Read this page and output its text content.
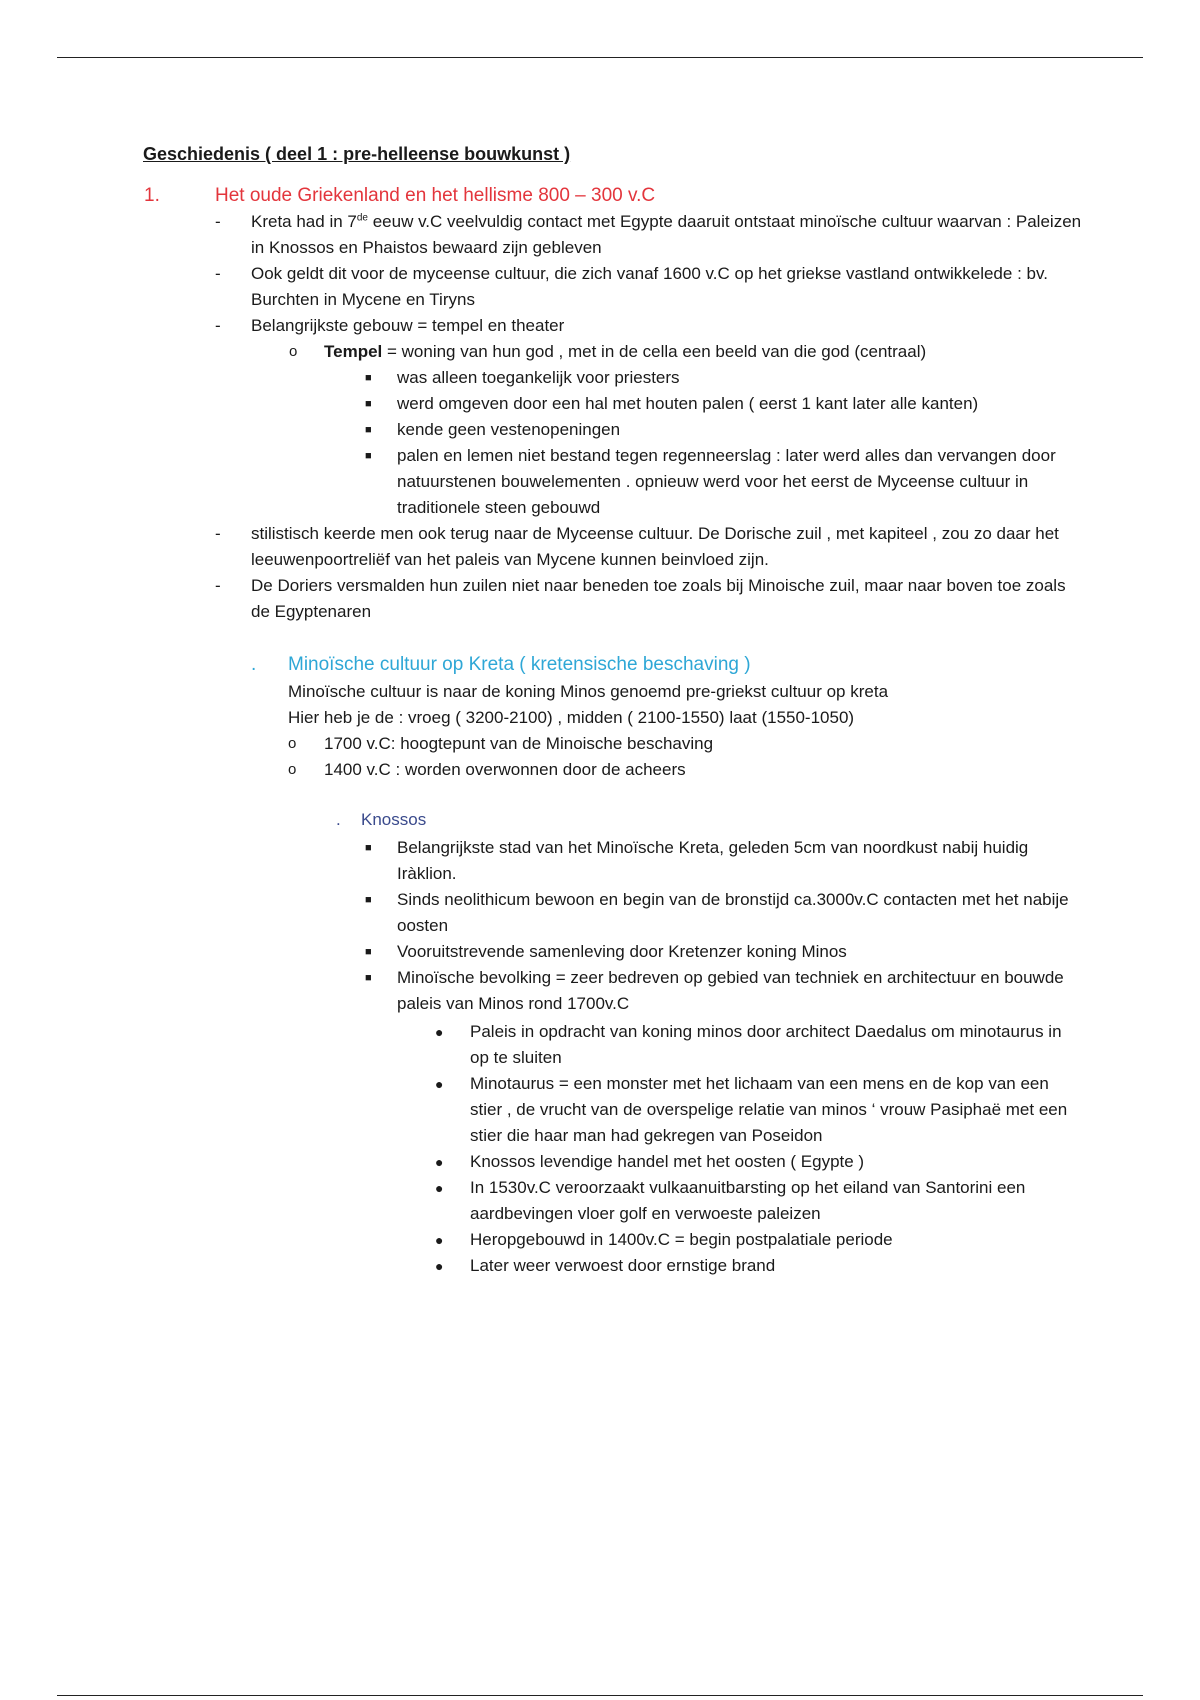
Geschiedenis ( deel 1 : pre-helleense bouwkunst )
1.	Het oude Griekenland en het hellisme 800 – 300 v.C
- Kreta had in 7de eeuw v.C veelvuldig contact met Egypte daaruit ontstaat minoïsche cultuur waarvan : Paleizen in Knossos en Phaistos bewaard zijn gebleven
- Ook geldt dit voor de myceense cultuur, die zich vanaf 1600 v.C op het griekse vastland ontwikkelede : bv. Burchten in Mycene en Tiryns
- Belangrijkste gebouw = tempel en theater
o Tempel = woning van hun god , met in de cella een beeld van die god (centraal)
■ was alleen toegankelijk voor priesters
■ werd omgeven door een hal met houten palen ( eerst 1 kant later alle kanten)
■ kende geen vestenopeningen
■ palen en lemen niet bestand tegen regenneerslag : later werd alles dan vervangen door natuurstenen bouwelementen . opnieuw werd voor het eerst de Myceense cultuur in traditionele steen gebouwd
- stilistisch keerde men ook terug naar de Myceense cultuur. De Dorische zuil , met kapiteel , zou zo daar het leeuwenpoortreliëf van het paleis van Mycene kunnen beinvloed zijn.
- De Doriers versmalden hun zuilen niet naar beneden toe zoals bij Minoische zuil, maar naar boven toe zoals de Egyptenaren
. Minoïsche cultuur op Kreta ( kretensische beschaving )
Minoïsche cultuur is naar de koning Minos genoemd pre-griekst cultuur op kreta
Hier heb je de : vroeg ( 3200-2100) , midden ( 2100-1550) laat (1550-1050)
o 1700 v.C: hoogtepunt van de Minoische beschaving
o 1400 v.C : worden overwonnen door de acheers
. Knossos
■ Belangrijkste stad van het Minoïsche Kreta, geleden 5cm van noordkust nabij huidig Iràklion.
■ Sinds neolithicum bewoon en begin van de bronstijd ca.3000v.C contacten met het nabije oosten
■ Vooruitstrevende samenleving door Kretenzer koning Minos
■ Minoïsche bevolking = zeer bedreven op gebied van techniek en architectuur en bouwde paleis van Minos rond 1700v.C
● Paleis in opdracht van koning minos door architect Daedalus om minotaurus in op te sluiten
● Minotaurus = een monster met het lichaam van een mens en de kop van een stier , de vrucht van de overspelige relatie van minos ‘ vrouw Pasiphaë met een stier die haar man had gekregen van Poseidon
● Knossos levendige handel met het oosten ( Egypte )
● In 1530v.C veroorzaakt vulkaanuitbarsting op het eiland van Santorini een aardbevingen vloer golf en verwoeste paleizen
● Heropgebouwd in 1400v.C = begin postpalatiale periode
● Later weer verwoest door ernstige brand
